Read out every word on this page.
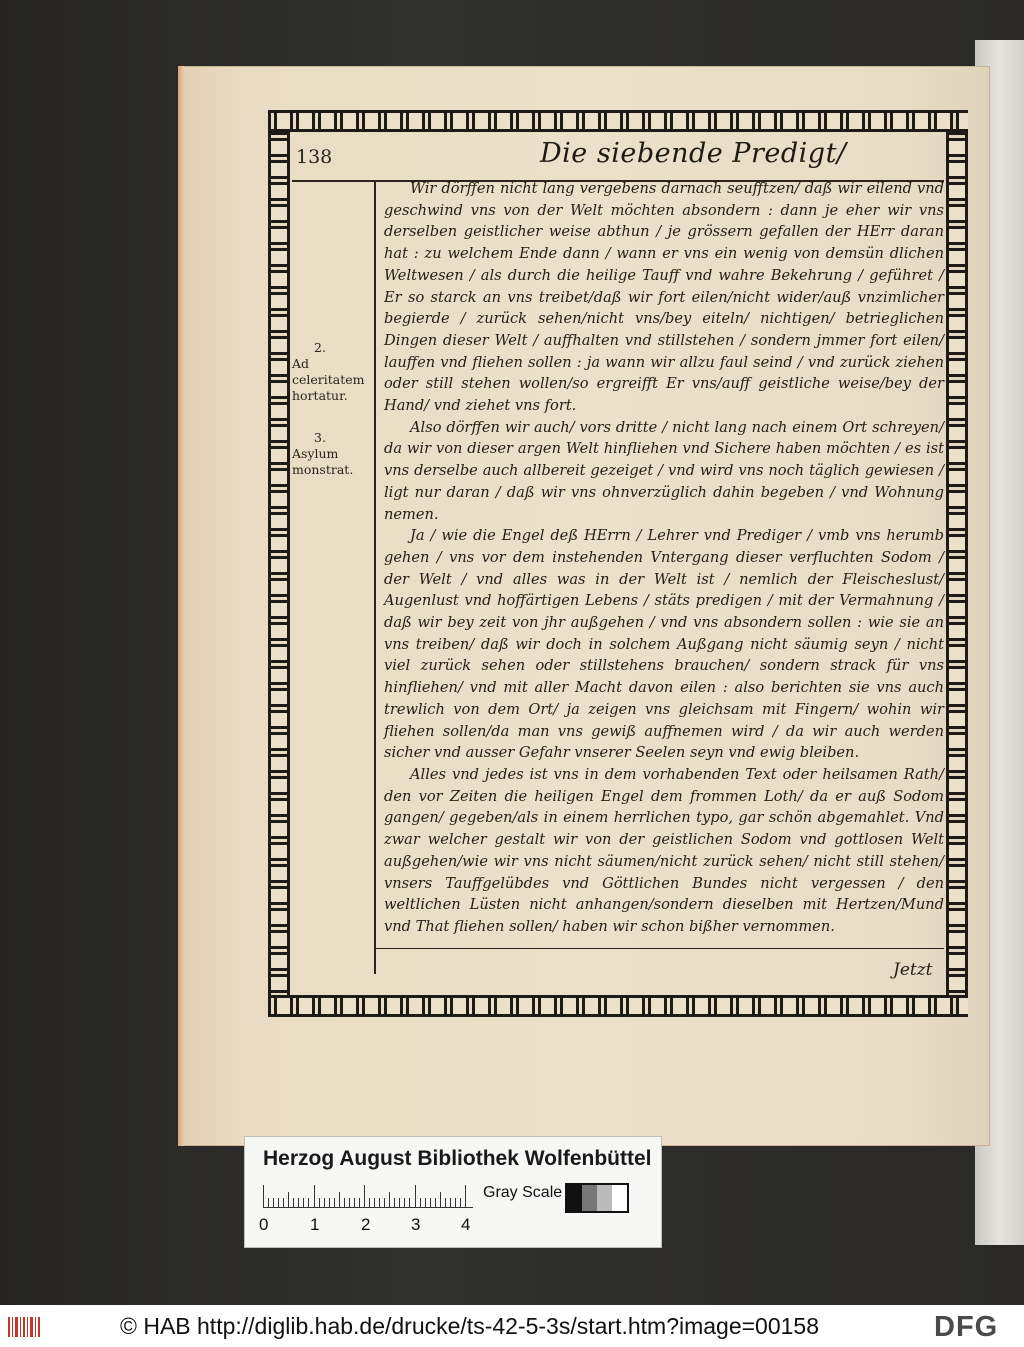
138	Die siebende Predigt/
2.
Ad celeritatem hortatur.
3.
Asylum monstrat.

Wir dörffen nicht lang vergebens darnach seufftzen/ daß wir eilend vnd geschwind vns von der Welt möchten absondern : dann je eher wir vns derselben geistlicher weise abthun / je grössern gefallen der HErr daran hat : zu welchem Ende dann / wann er vns ein wenig von demsün dlichen Weltwesen / als durch die heilige Tauff vnd wahre Bekehrung / geführet / Er so starck an vns treibet/daß wir fort eilen/nicht wider/auß vnzimlicher begierde / zurück sehen/nicht vns/bey eiteln/ nichtigen/ betrieglichen Dingen dieser Welt / auffhalten vnd stillstehen / sondern jmmer fort eilen/ lauffen vnd fliehen sollen : ja wann wir allzu faul seind / vnd zurück ziehen oder still stehen wollen/so ergreifft Er vns/auff geistliche weise/bey der Hand/ vnd ziehet vns fort.

Also dörffen wir auch/ vors dritte / nicht lang nach einem Ort schreyen/ da wir von dieser argen Welt hinfliehen vnd Sichere haben möchten / es ist vns derselbe auch allbereit gezeiget / vnd wird vns noch täglich gewiesen / ligt nur daran / daß wir vns ohnverzüglich dahin begeben / vnd Wohnung nemen.

Ja / wie die Engel deß HErrn / Lehrer vnd Prediger / vmb vns herumb gehen / vns vor dem instehenden Vntergang dieser verfluchten Sodom / der Welt / vnd alles was in der Welt ist / nemlich der Fleischeslust/ Augenlust vnd hoffärtigen Lebens / stäts predigen / mit der Vermahnung / daß wir bey zeit von jhr außgehen / vnd vns absondern sollen : wie sie an vns treiben/ daß wir doch in solchem Außgang nicht säumig seyn / nicht viel zurück sehen oder stillstehens brauchen/ sondern strack für vns hinfliehen/ vnd mit aller Macht davon eilen : also berichten sie vns auch trewlich von dem Ort/ ja zeigen vns gleichsam mit Fingern/ wohin wir fliehen sollen/da man vns gewiß auffnemen wird / da wir auch werden sicher vnd ausser Gefahr vnserer Seelen seyn vnd ewig bleiben.

Alles vnd jedes ist vns in dem vorhabenden Text oder heilsamen Rath/ den vor Zeiten die heiligen Engel dem frommen Loth/ da er auß Sodom gangen/ gegeben/als in einem herrlichen typo, gar schön abgemahlet. Vnd zwar welcher gestalt wir von der geistlichen Sodom vnd gottlosen Welt außgehen/wie wir vns nicht säumen/nicht zurück sehen/ nicht still stehen/ vnsers Tauffgelübdes vnd Göttlichen Bundes nicht vergessen / den weltlichen Lüsten nicht anhangen/sondern dieselben mit Hertzen/Mund vnd That fliehen sollen/ haben wir schon bißher vernommen.

Jetzt
Herzog August Bibliothek Wolfenbüttel
0 1 2 3 4
Gray Scale
© HAB http://diglib.hab.de/drucke/ts-42-5-3s/start.htm?image=00158	DFG
